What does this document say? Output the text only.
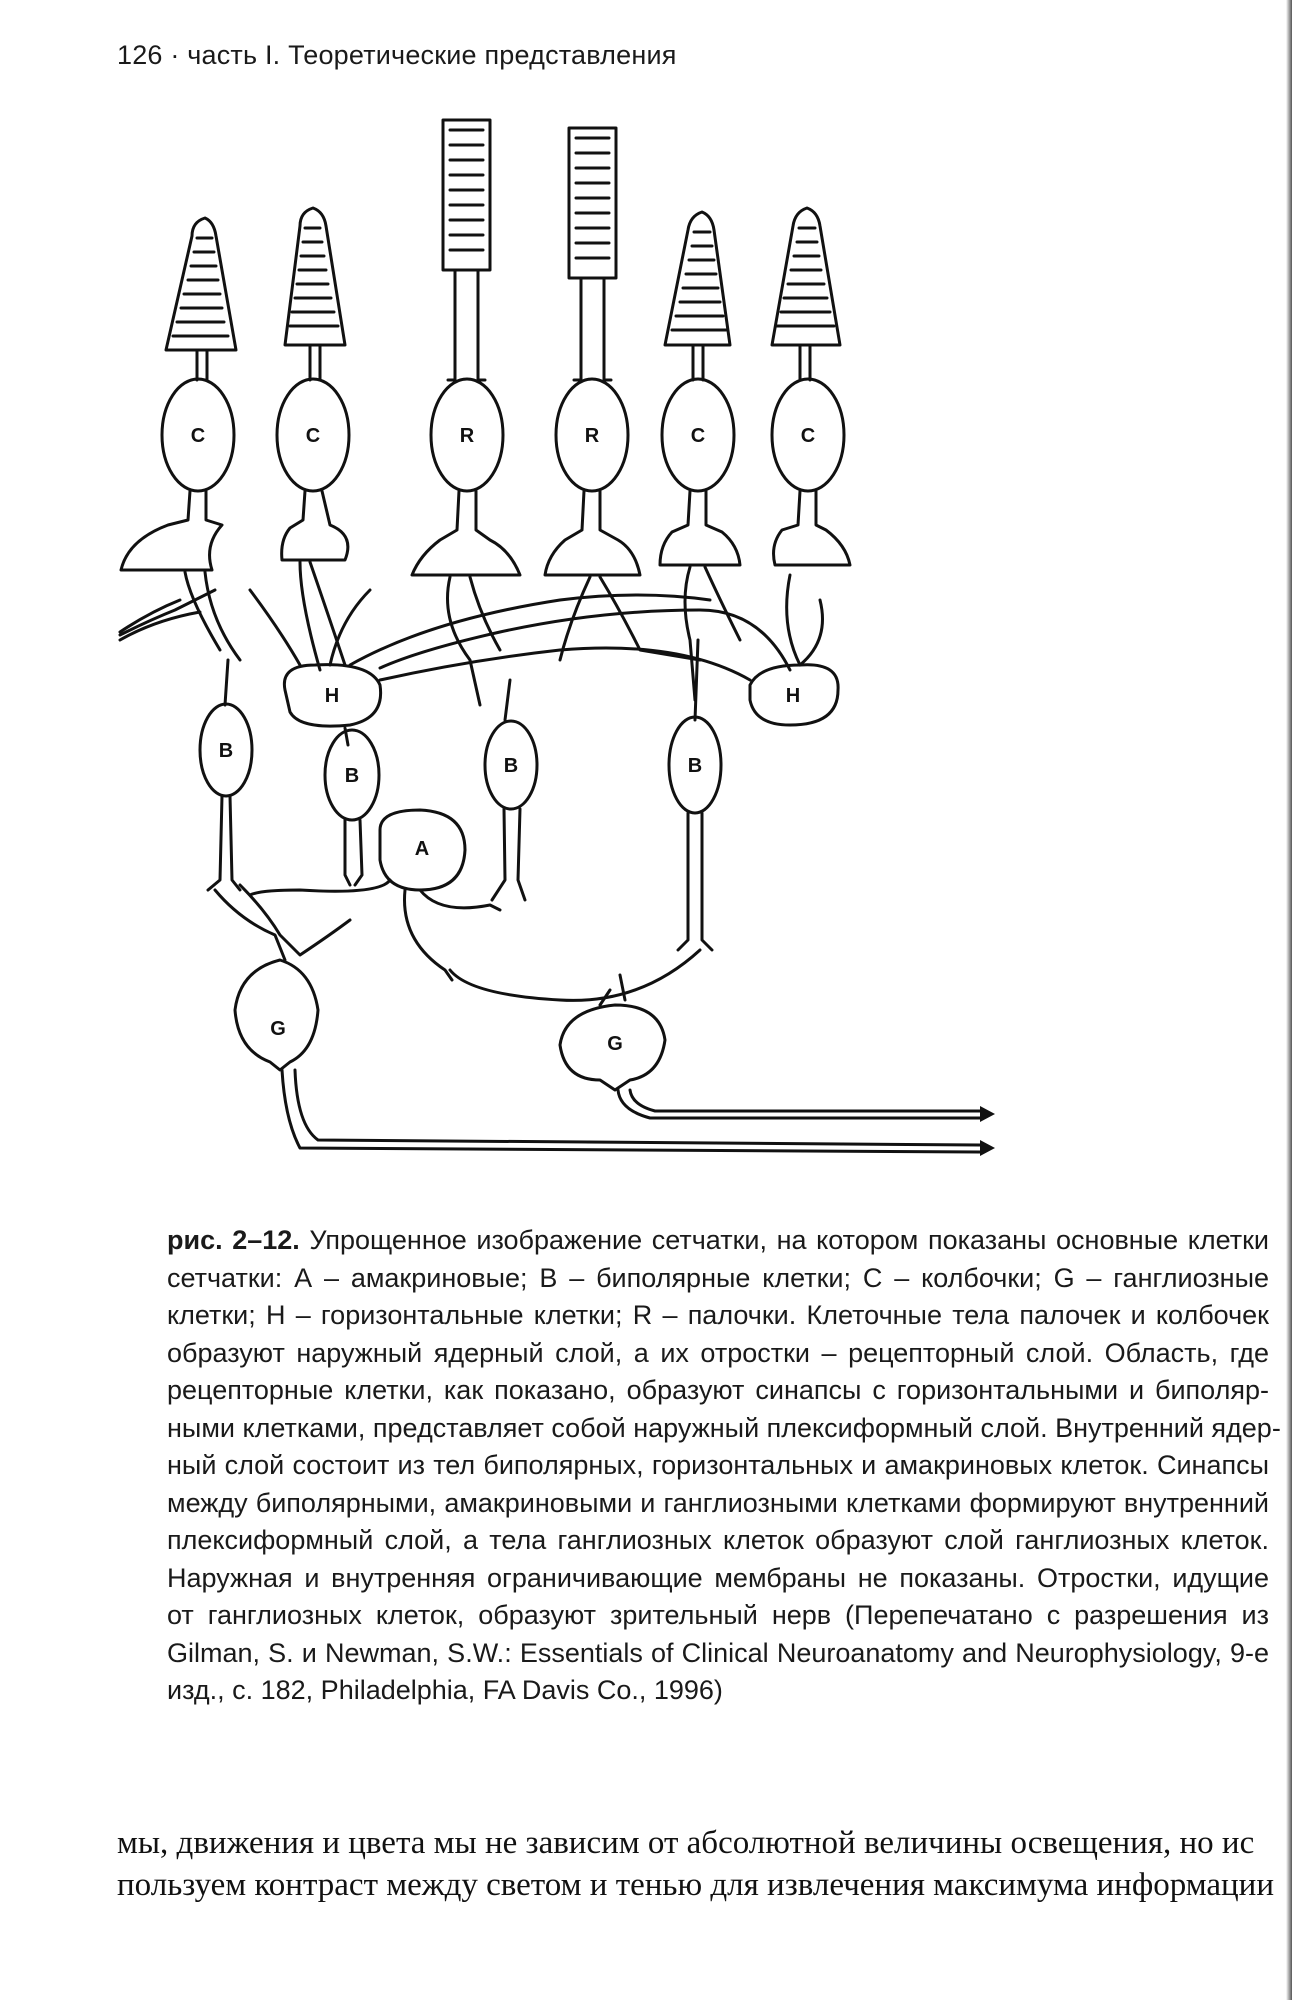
126 · часть I. Теоретические представления
C	C	R	R	C	C
H	H
B
B	B	B
A
G
G
рис. 2–12. Упрощенное изображение сетчатки, на котором показаны основные клетки
сетчатки: А – амакриновые; В – биполярные клетки; С – колбочки; G – ганглиозные
клетки; Н – горизонтальные клетки; R – палочки. Клеточные тела палочек и колбочек
образуют наружный ядерный слой, а их отростки – рецепторный слой. Область, где
рецепторные клетки, как показано, образуют синапсы с горизонтальными и биполяр-
ными клетками, представляет собой наружный плексиформный слой. Внутренний ядер-
ный слой состоит из тел биполярных, горизонтальных и амакриновых клеток. Синапсы
между биполярными, амакриновыми и ганглиозными клетками формируют внутренний
плексиформный слой, а тела ганглиозных клеток образуют слой ганглиозных клеток.
Наружная и внутренняя ограничивающие мембраны не показаны. Отростки, идущие
от ганглиозных клеток, образуют зрительный нерв (Перепечатано с разрешения из
Gilman, S. и Newman, S.W.: Essentials of Clinical Neuroanatomy and Neurophysiology, 9-е
изд., с. 182, Philadelphia, FA Davis Co., 1996)
мы, движения и цвета мы не зависим от абсолютной величины освещения, но ис
пользуем контраст между светом и тенью для извлечения максимума информации
